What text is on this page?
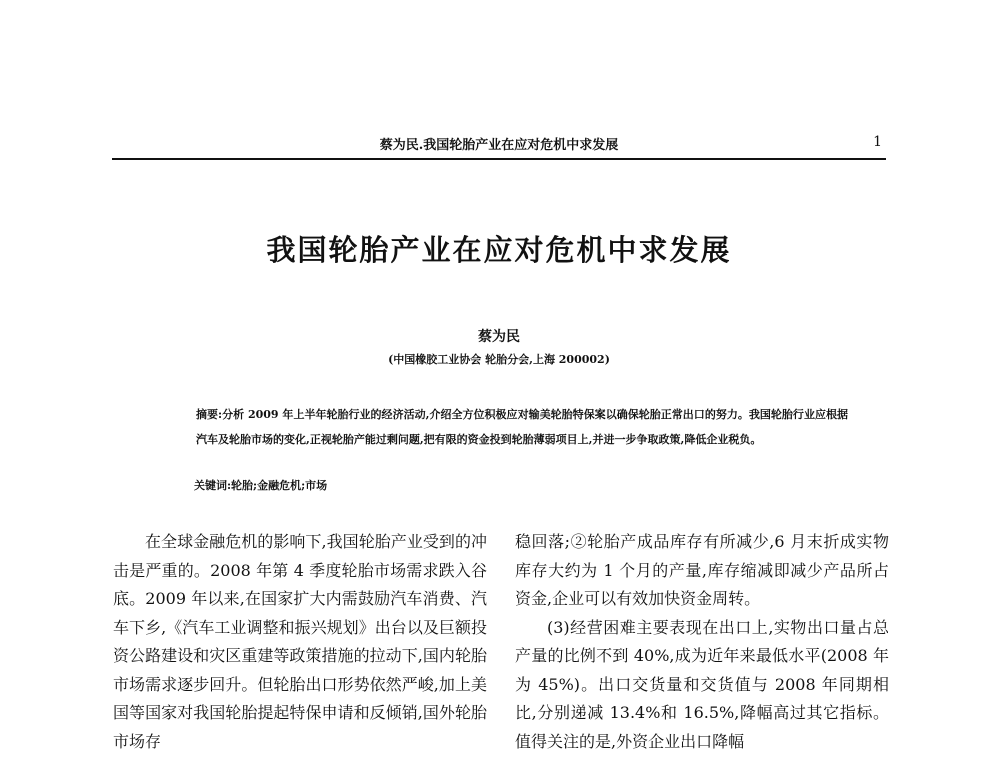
蔡为民.我国轮胎产业在应对危机中求发展	1
我国轮胎产业在应对危机中求发展
蔡为民
(中国橡胶工业协会 轮胎分会,上海 200002)

摘要:分析 2009 年上半年轮胎行业的经济活动,介绍全方位积极应对输美轮胎特保案以确保轮胎正常出口的努力。我国轮胎行业应根据汽车及轮胎市场的变化,正视轮胎产能过剩问题,把有限的资金投到轮胎薄弱项目上,并进一步争取政策,降低企业税负。

关键词:轮胎;金融危机;市场

在全球金融危机的影响下,我国轮胎产业受到的冲击是严重的。2008 年第 4 季度轮胎市场需求跌入谷底。2009 年以来,在国家扩大内需鼓励汽车消费、汽车下乡,《汽车工业调整和振兴规划》出台以及巨额投资公路建设和灾区重建等政策措施的拉动下,国内轮胎市场需求逐步回升。但轮胎出口形势依然严峻,加上美国等国家对我国轮胎提起特保申请和反倾销,国外轮胎市场存

稳回落;②轮胎产成品库存有所减少,6 月末折成实物库存大约为 1 个月的产量,库存缩减即减少产品所占资金,企业可以有效加快资金周转。

(3)经营困难主要表现在出口上,实物出口量占总产量的比例不到 40%,成为近年来最低水平(2008 年为 45%)。出口交货量和交货值与 2008 年同期相比,分别递减 13.4%和 16.5%,降幅高过其它指标。值得关注的是,外资企业出口降幅
